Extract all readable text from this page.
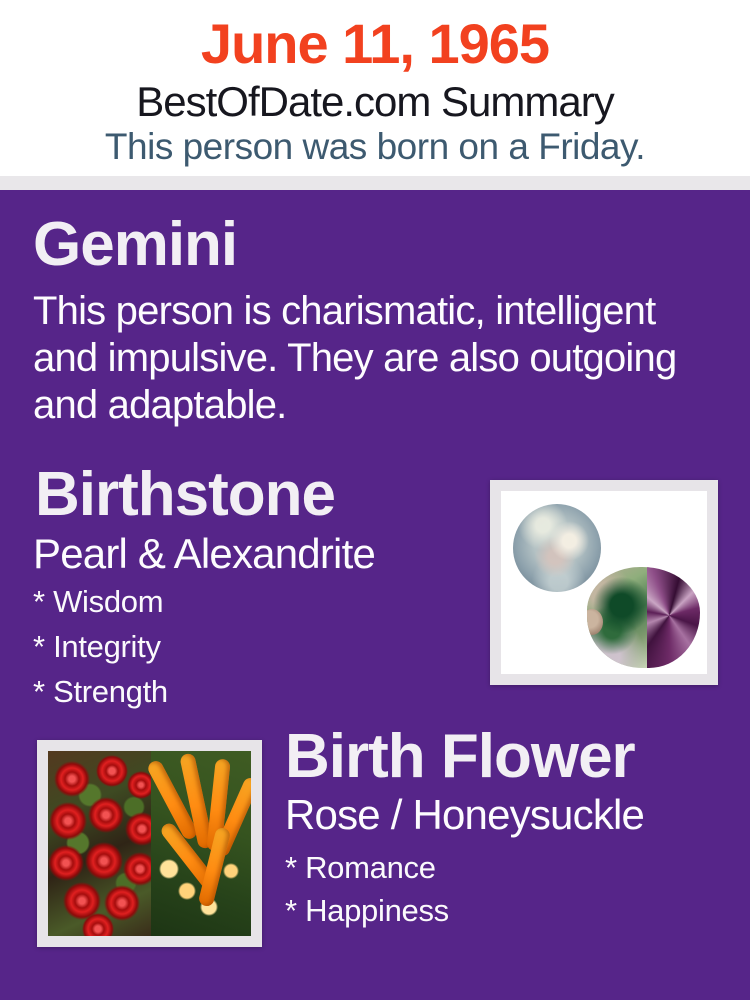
June 11, 1965
BestOfDate.com Summary
This person was born on a Friday.
Gemini

This person is charismatic, intelligent and impulsive. They are also outgoing and adaptable.

Birthstone
Pearl & Alexandrite
* Wisdom
* Integrity
* Strength
Birth Flower
Rose / Honeysuckle
* Romance
* Happiness
